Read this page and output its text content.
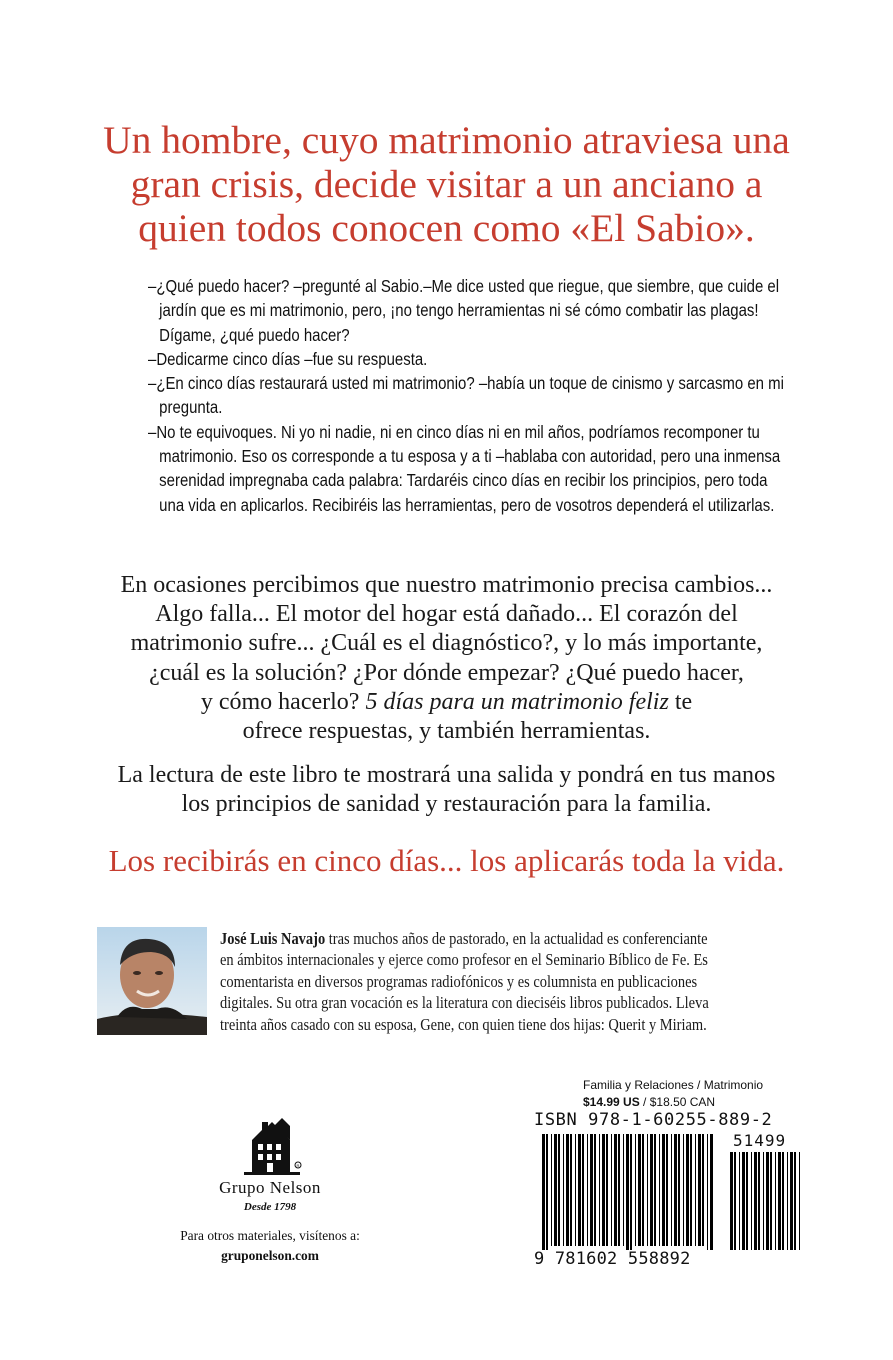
Un hombre, cuyo matrimonio atraviesa una
gran crisis, decide visitar a un anciano a
quien todos conocen como «El Sabio».

–¿Qué puedo hacer? –pregunté al Sabio.–Me dice usted que riegue, que siembre, que cuide el jardín que es mi matrimonio, pero, ¡no tengo herramientas ni sé cómo combatir las plagas! Dígame, ¿qué puedo hacer?

–Dedicarme cinco días –fue su respuesta.

–¿En cinco días restaurará usted mi matrimonio? –había un toque de cinismo y sarcasmo en mi pregunta.

–No te equivoques. Ni yo ni nadie, ni en cinco días ni en mil años, podríamos recomponer tu matrimonio. Eso os corresponde a tu esposa y a ti –hablaba con autoridad, pero una inmensa serenidad impregnaba cada palabra: Tardaréis cinco días en recibir los principios, pero toda una vida en aplicarlos. Recibiréis las herramientas, pero de vosotros dependerá el utilizarlas.

En ocasiones percibimos que nuestro matrimonio precisa cambios...
Algo falla... El motor del hogar está dañado... El corazón del
matrimonio sufre... ¿Cuál es el diagnóstico?, y lo más importante,
¿cuál es la solución? ¿Por dónde empezar? ¿Qué puedo hacer,
y cómo hacerlo? 5 días para un matrimonio feliz te
ofrece respuestas, y también herramientas.
La lectura de este libro te mostrará una salida y pondrá en tus manos
los principios de sanidad y restauración para la familia.
Los recibirás en cinco días... los aplicarás toda la vida.
José Luis Navajo tras muchos años de pastorado, en la actualidad es conferenciante
en ámbitos internacionales y ejerce como profesor en el Seminario Bíblico de Fe. Es
comentarista en diversos programas radiofónicos y es columnista en publicaciones
digitales. Su otra gran vocación es la literatura con dieciséis libros publicados. Lleva
treinta años casado con su esposa, Gene, con quien tiene dos hijas: Querit y Miriam.
R
Grupo Nelson
Desde 1798
Para otros materiales, visítenos a:
gruponelson.com
Familia y Relaciones / Matrimonio
$14.99 US / $18.50 CAN
ISBN 978-1-60255-889-2
51499
9 781602 558892
